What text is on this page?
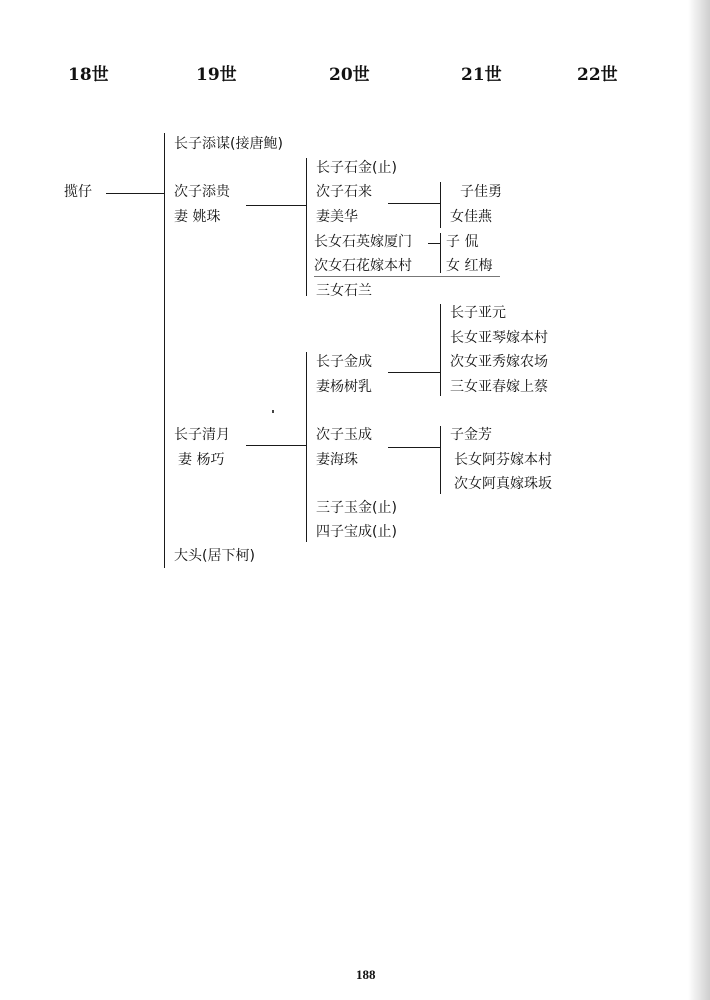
18世	19世	20世	21世	22世
揽仔
长子添谋(接唐鲍)
次子添贵
妻 姚珠
长子清月
妻 杨巧
大头(居下柯)
长子石金(止)
次子石来
妻美华
长女石英嫁厦门
次女石花嫁本村
三女石兰
长子金成
妻杨树乳
次子玉成
妻海珠
三子玉金(止)
四子宝成(止)
子佳勇
女佳燕
子 侃
女 红梅
长子亚元
长女亚琴嫁本村
次女亚秀嫁农场
三女亚春嫁上蔡
子金芳
长女阿芬嫁本村
次女阿真嫁珠坂
188
